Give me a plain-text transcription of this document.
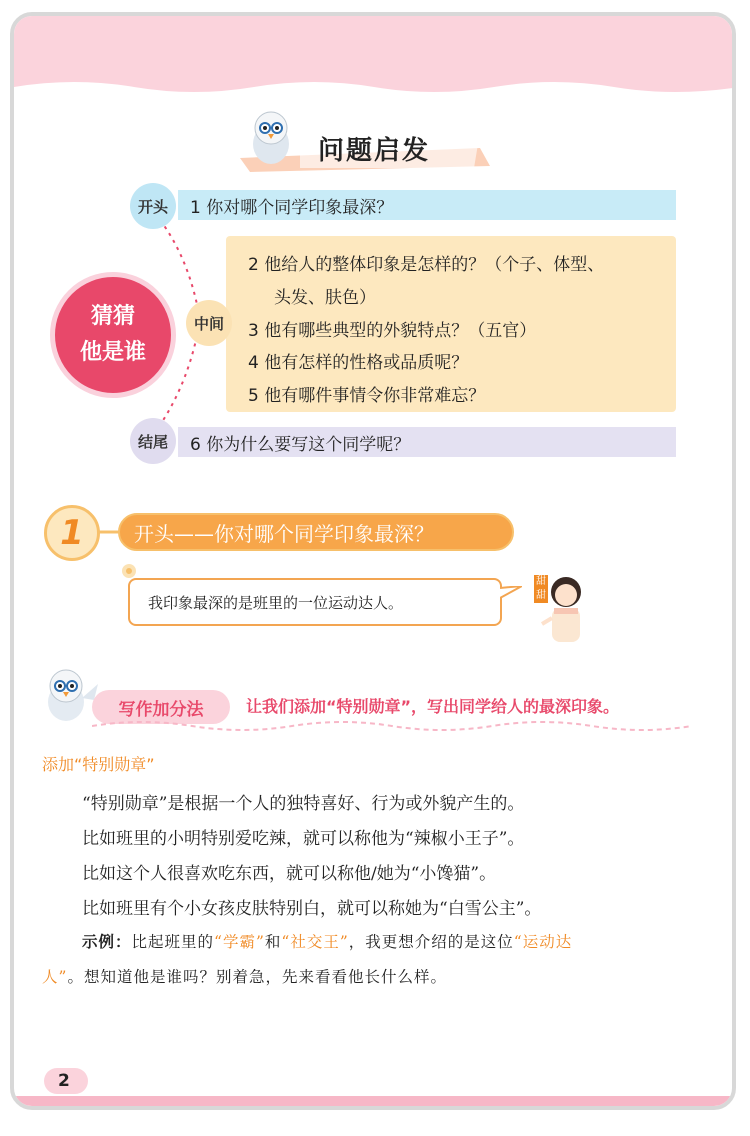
问题启发
猜猜
他是谁
1 你对哪个同学印象最深？
开头
2 他给人的整体印象是怎样的？（个子、体型、
头发、肤色）
3 他有哪些典型的外貌特点？（五官）
4 他有怎样的性格或品质呢？
5 他有哪件事情令你非常难忘？
中间
6 你为什么要写这个同学呢？
结尾
1	开头——你对哪个同学印象最深？
我印象最深的是班里的一位运动达人。
甜甜
写作加分法	让我们添加“特别勋章”，写出同学给人的最深印象。
添加“特别勋章”
“特别勋章”是根据一个人的独特喜好、行为或外貌产生的。
比如班里的小明特别爱吃辣，就可以称他为“辣椒小王子”。
比如这个人很喜欢吃东西，就可以称他/她为“小馋猫”。
比如班里有个小女孩皮肤特别白，就可以称她为“白雪公主”。
示例：比起班里的“学霸”和“社交王”，我更想介绍的是这位“运动达
人”。想知道他是谁吗？别着急，先来看看他长什么样。
2
